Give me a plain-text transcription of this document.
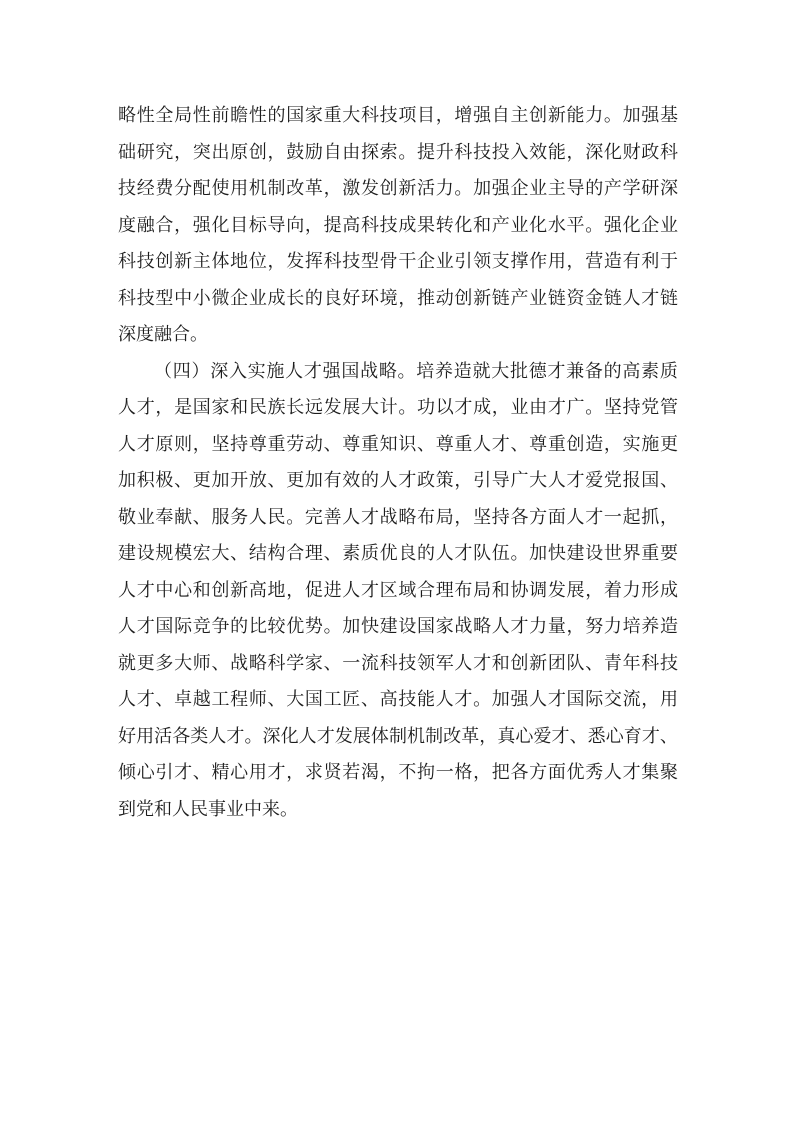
略 性 全 局 性 前 瞻 性 的 国 家 重 大 科 技 项 目 ， 增 强 自 主 创 新 能 力 。 加 强 基
础 研 究 ， 突 出 原 创 ， 鼓 励 自 由 探 索 。 提 升 科 技 投 入 效 能 ， 深 化 财 政 科
技 经 费 分 配 使 用 机 制 改 革 ， 激 发 创 新 活 力 。 加 强 企 业 主 导 的 产 学 研 深
度 融 合 ， 强 化 目 标 导 向 ， 提 高 科 技 成 果 转 化 和 产 业 化 水 平 。 强 化 企 业
科 技 创 新 主 体 地 位 ， 发 挥 科 技 型 骨 干 企 业 引 领 支 撑 作 用 ， 营 造 有 利 于
科 技 型 中 小 微 企 业 成 长 的 良 好 环 境 ， 推 动 创 新 链 产 业 链 资 金 链 人 才 链
深度融合。
（ 四 ） 深 入 实 施 人 才 强 国 战 略 。 培 养 造 就 大 批 德 才 兼 备 的 高 素 质
人 才 ， 是 国 家 和 民 族 长 远 发 展 大 计 。 功 以 才 成 ， 业 由 才 广 。 坚 持 党 管
人 才 原 则 ， 坚 持 尊 重 劳 动 、 尊 重 知 识 、 尊 重 人 才 、 尊 重 创 造 ， 实 施 更
加 积 极 、 更 加 开 放 、 更 加 有 效 的 人 才 政 策 ， 引 导 广 大 人 才 爱 党 报 国 、
敬 业 奉 献 、 服 务 人 民 。 完 善 人 才 战 略 布 局 ， 坚 持 各 方 面 人 才 一 起 抓 ，
建 设 规 模 宏 大 、 结 构 合 理 、 素 质 优 良 的 人 才 队 伍 。 加 快 建 设 世 界 重 要
人 才 中 心 和 创 新 高 地 ， 促 进 人 才 区 域 合 理 布 局 和 协 调 发 展 ， 着 力 形 成
人 才 国 际 竞 争 的 比 较 优 势 。 加 快 建 设 国 家 战 略 人 才 力 量 ， 努 力 培 养 造
就 更 多 大 师 、 战 略 科 学 家 、 一 流 科 技 领 军 人 才 和 创 新 团 队 、 青 年 科 技
人 才 、 卓 越 工 程 师 、 大 国 工 匠 、 高 技 能 人 才 。 加 强 人 才 国 际 交 流 ， 用
好 用 活 各 类 人 才 。 深 化 人 才 发 展 体 制 机 制 改 革 ， 真 心 爱 才 、 悉 心 育 才 、
倾 心 引 才 、 精 心 用 才 ， 求 贤 若 渴 ， 不 拘 一 格 ， 把 各 方 面 优 秀 人 才 集 聚
到党和人民事业中来。
